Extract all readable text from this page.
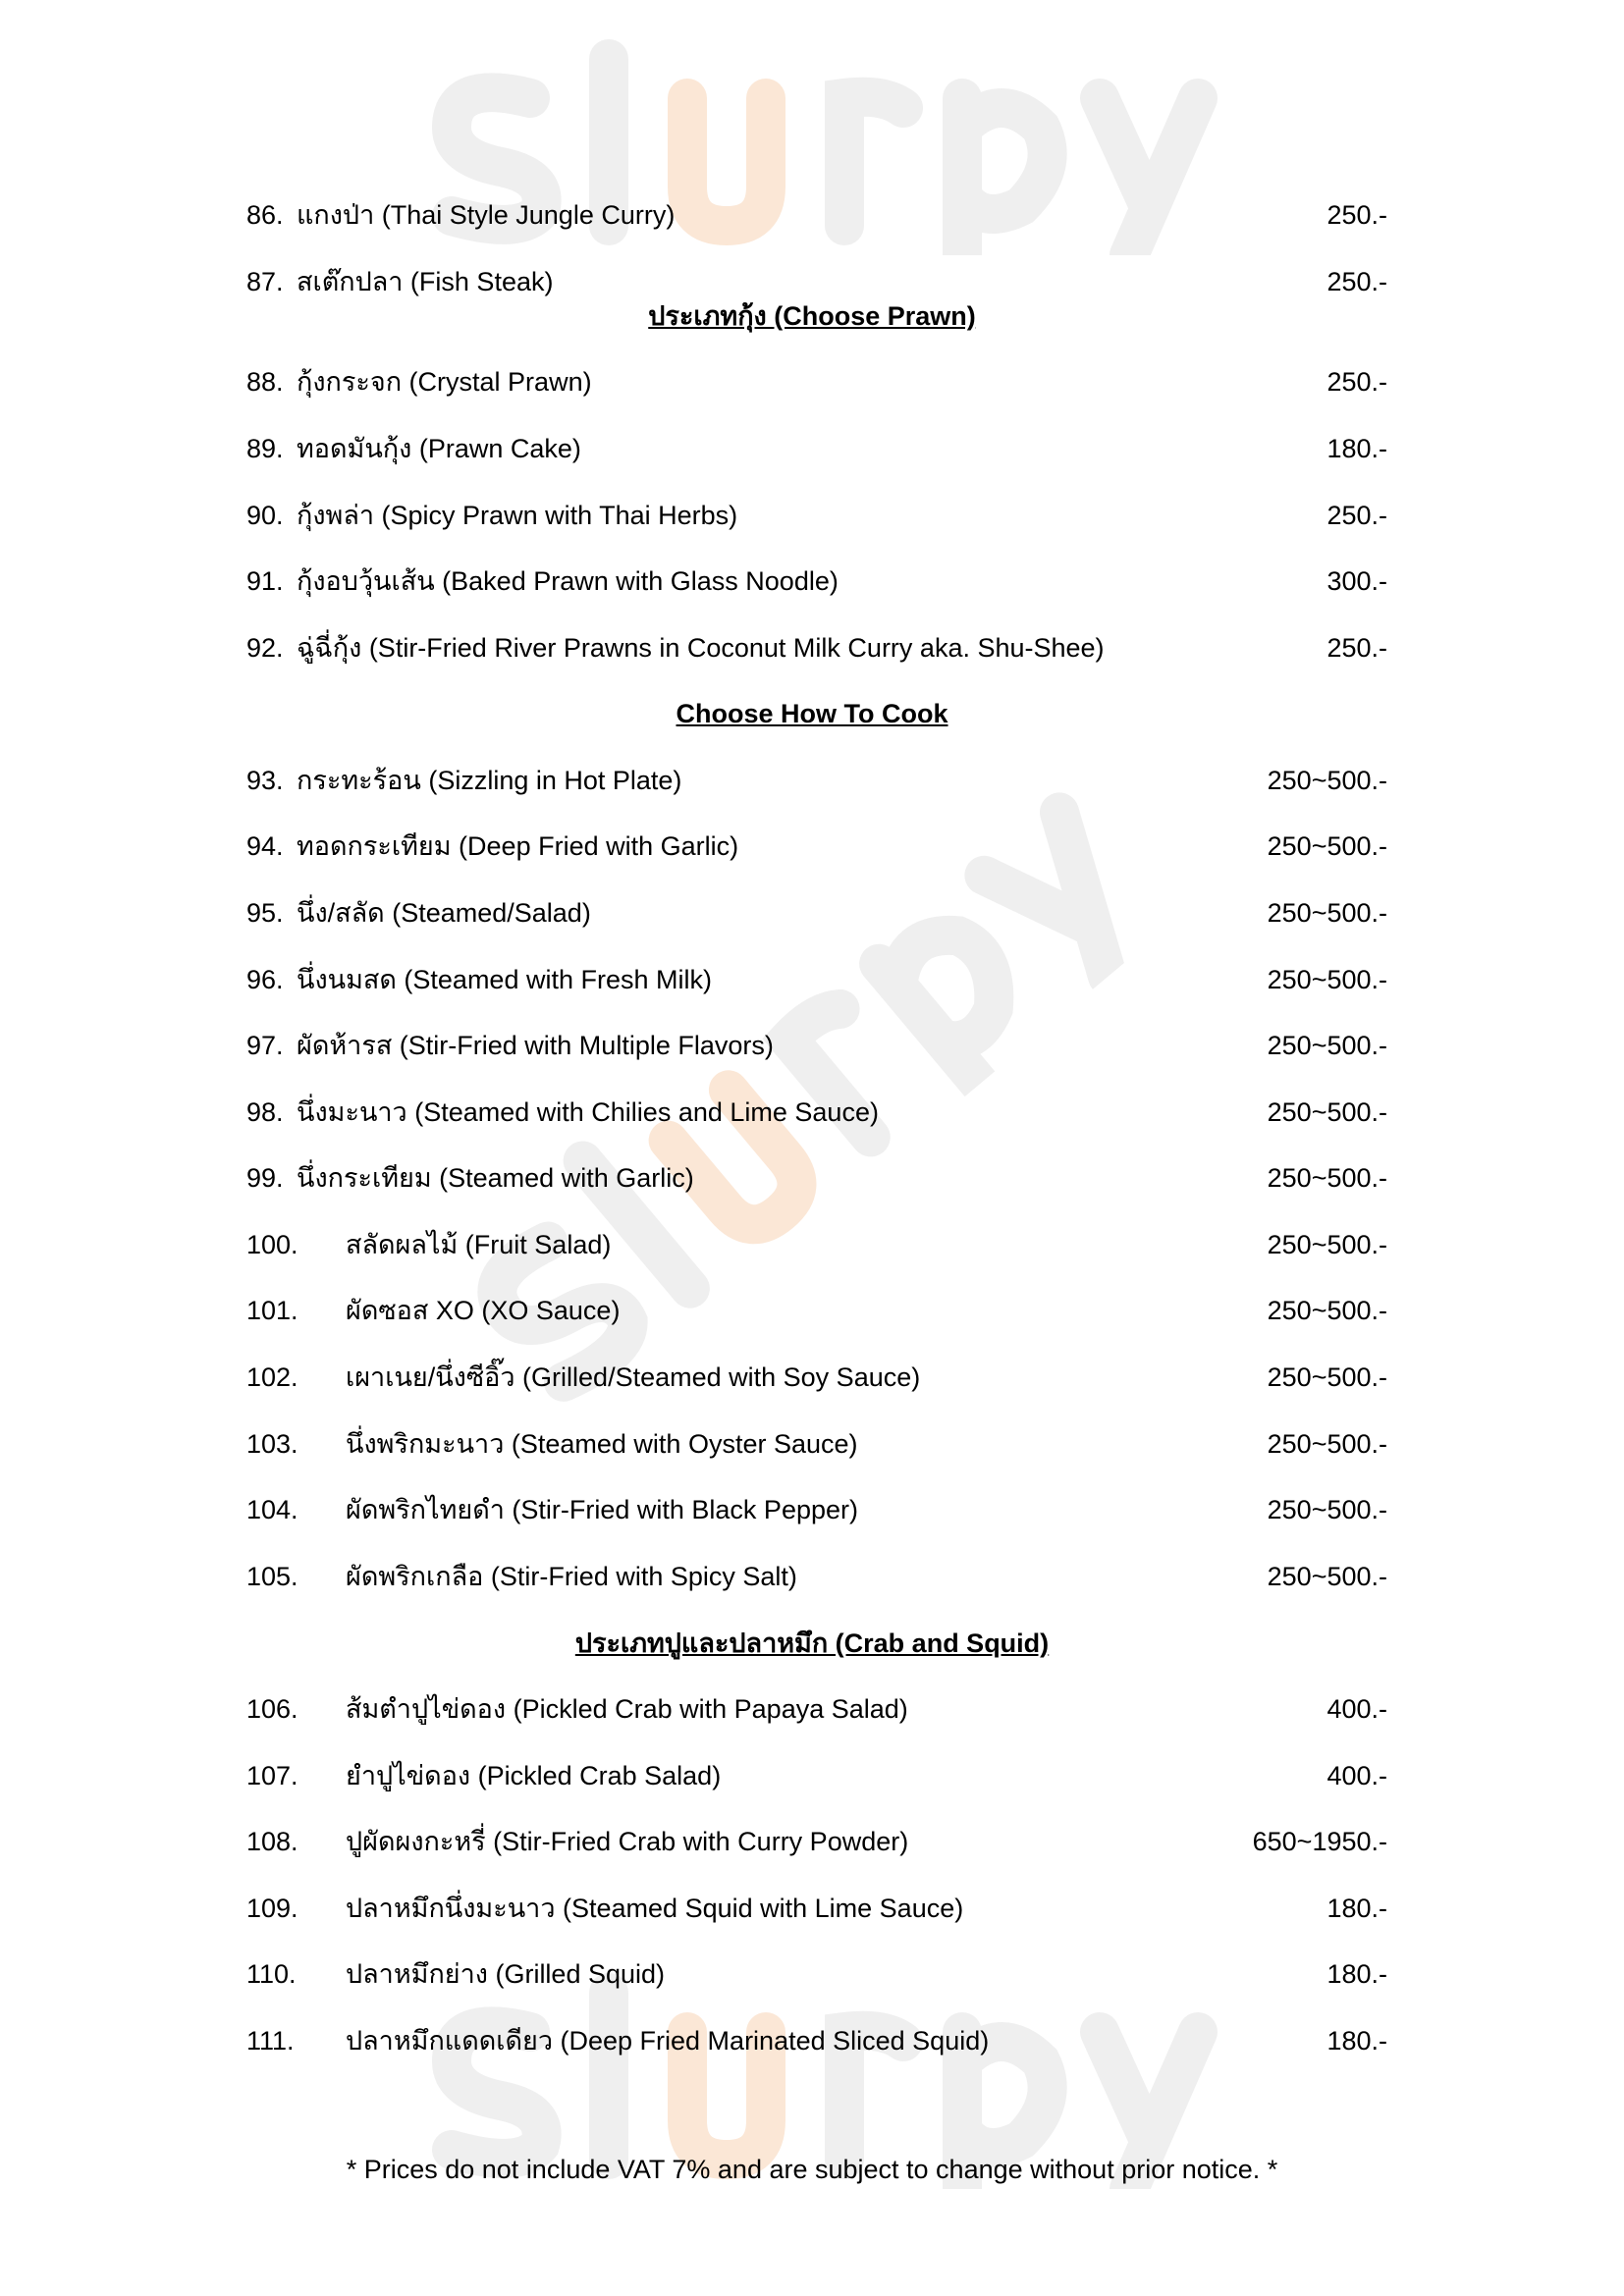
86. แกงป่า (Thai Style Jungle Curry)	250.-
87. สเต๊กปลา (Fish Steak)	250.-
88. กุ้งกระจก (Crystal Prawn)	250.-
89. ทอดมันกุ้ง (Prawn Cake)	180.-
90. กุ้งพล่า (Spicy Prawn with Thai Herbs)	250.-
91. กุ้งอบวุ้นเส้น (Baked Prawn with Glass Noodle)	300.-
92. ฉู่ฉี่กุ้ง (Stir-Fried River Prawns in Coconut Milk Curry aka. Shu-Shee)	250.-
93. กระทะร้อน (Sizzling in Hot Plate)	250~500.-
94. ทอดกระเทียม (Deep Fried with Garlic)	250~500.-
95. นึ่ง/สลัด (Steamed/Salad)	250~500.-
96. นึ่งนมสด (Steamed with Fresh Milk)	250~500.-
97. ผัดห้ารส (Stir-Fried with Multiple Flavors)	250~500.-
98. นึ่งมะนาว (Steamed with Chilies and Lime Sauce)	250~500.-
99. นึ่งกระเทียม (Steamed with Garlic)	250~500.-
100. สลัดผลไม้ (Fruit Salad)	250~500.-
101. ผัดซอส XO (XO Sauce)	250~500.-
102. เผาเนย/นึ่งซีอิ๊ว (Grilled/Steamed with Soy Sauce)	250~500.-
103. นึ่งพริกมะนาว (Steamed with Oyster Sauce)	250~500.-
104. ผัดพริกไทยดำ (Stir-Fried with Black Pepper)	250~500.-
105. ผัดพริกเกลือ (Stir-Fried with Spicy Salt)	250~500.-
106. ส้มตำปูไข่ดอง (Pickled Crab with Papaya Salad)	400.-
107. ยำปูไข่ดอง (Pickled Crab Salad)	400.-
108. ปูผัดผงกะหรี่ (Stir-Fried Crab with Curry Powder)	650~1950.-
109. ปลาหมึกนึ่งมะนาว (Steamed Squid with Lime Sauce)	180.-
110. ปลาหมึกย่าง (Grilled Squid)	180.-
111. ปลาหมึกแดดเดียว (Deep Fried Marinated Sliced Squid)	180.-
ประเภทกุ้ง (Choose Prawn)
Choose How To Cook
ประเภทปูและปลาหมึก (Crab and Squid)
* Prices do not include VAT 7% and are subject to change without prior notice. *
